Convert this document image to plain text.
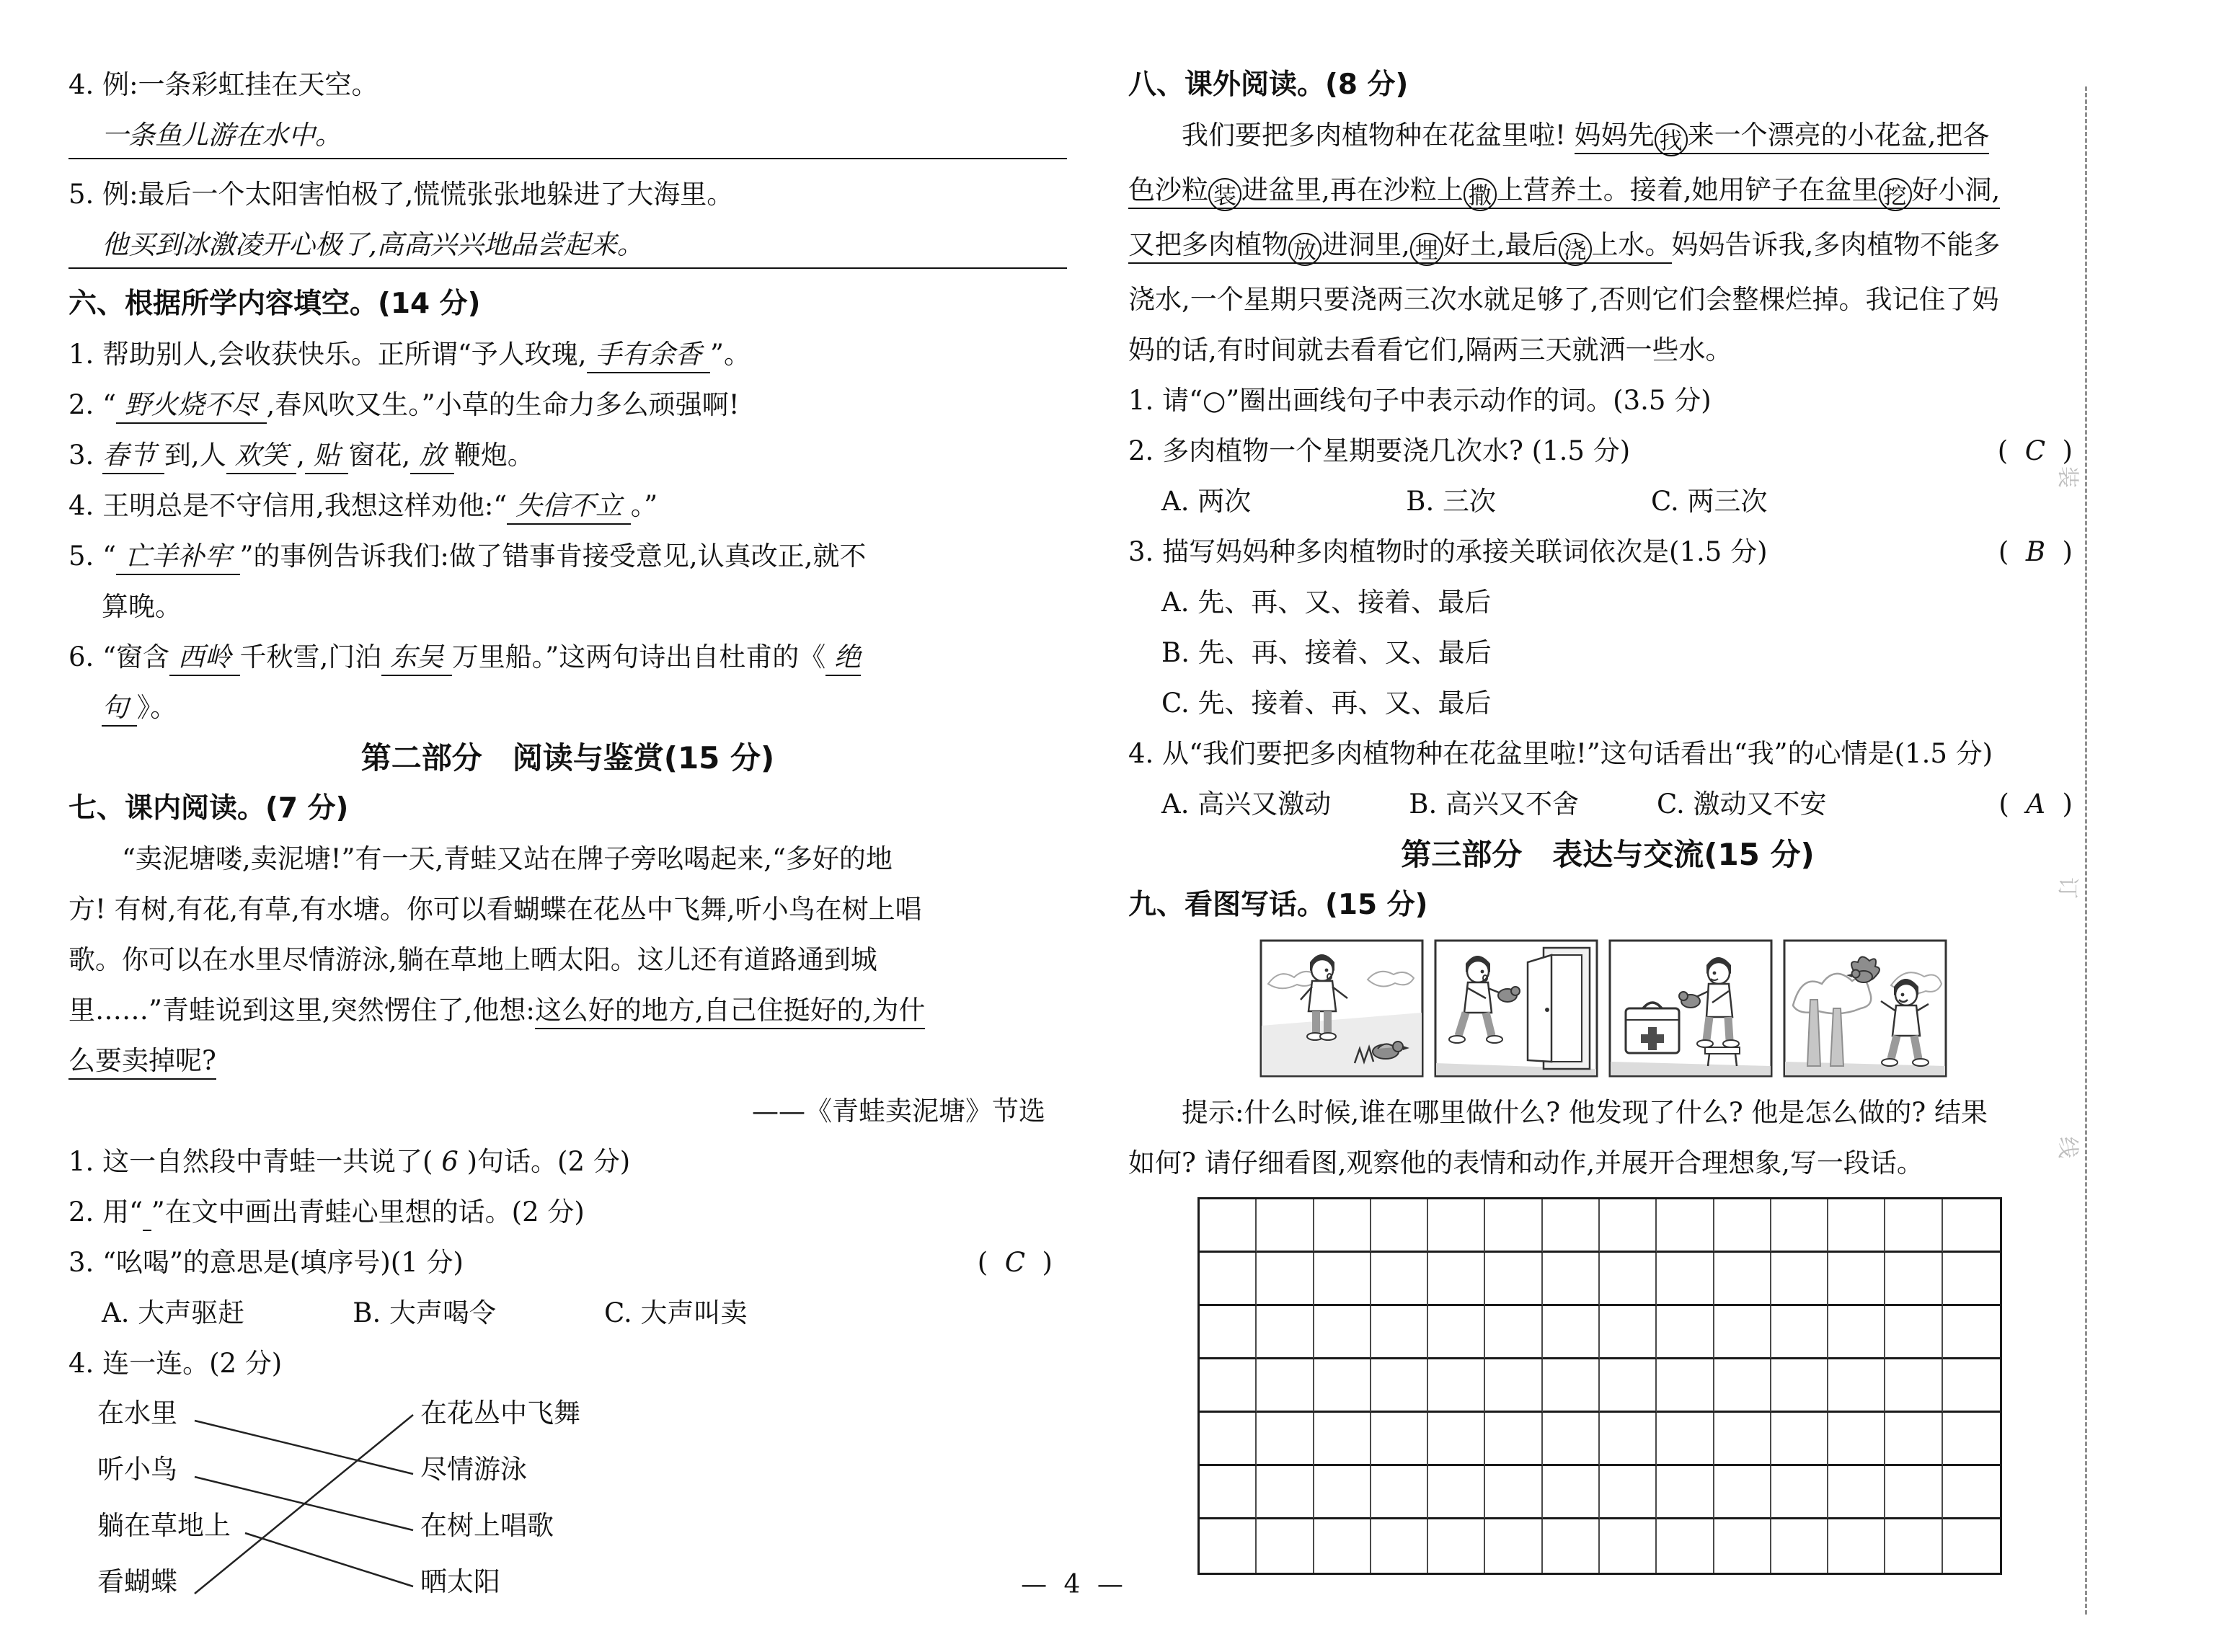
4. 例:一条彩虹挂在天空。
一条鱼儿游在水中。
5. 例:最后一个太阳害怕极了,慌慌张张地躲进了大海里。
他买到冰激凌开心极了,高高兴兴地品尝起来。
六、根据所学内容填空。(14 分)
1. 帮助别人,会收获快乐。正所谓“予人玫瑰, 手有余香 ”。
2. “ 野火烧不尽 ,春风吹又生。”小草的生命力多么顽强啊!
3. 春节 到,人 欢笑 , 贴 窗花, 放 鞭炮。
4. 王明总是不守信用,我想这样劝他:“ 失信不立 。”
5. “ 亡羊补牢 ”的事例告诉我们:做了错事肯接受意见,认真改正,就不
算晚。
6. “窗含 西岭 千秋雪,门泊 东吴 万里船。”这两句诗出自杜甫的《 绝
句 》。
第二部分　阅读与鉴赏(15 分)
七、课内阅读。(7 分)
　　“卖泥塘喽,卖泥塘!”有一天,青蛙又站在牌子旁吆喝起来,“多好的地
方! 有树,有花,有草,有水塘。你可以看蝴蝶在花丛中飞舞,听小鸟在树上唱
歌。你可以在水里尽情游泳,躺在草地上晒太阳。这儿还有道路通到城
里……”青蛙说到这里,突然愣住了,他想:这么好的地方,自己住挺好的,为什
么要卖掉呢?
——《青蛙卖泥塘》节选
1. 这一自然段中青蛙一共说了( 6 )句话。(2 分)
2. 用“ ”在文中画出青蛙心里想的话。(2 分)
3. “吆喝”的意思是(填序号)(1 分)	(  C  )
A. 大声驱赶	B. 大声喝令	C. 大声叫卖
4. 连一连。(2 分)
在水里
听小鸟
躺在草地上
看蝴蝶
在花丛中飞舞
尽情游泳
在树上唱歌
晒太阳
八、课外阅读。(8 分)
　　我们要把多肉植物种在花盆里啦! 妈妈先 找 来一个漂亮的小花盆,把各
色沙粒 装 进盆里,再在沙粒上 撒 上营养土。接着,她用铲子在盆里 挖 好小洞,
又把多肉植物 放 进洞里, 埋 好土,最后 浇 上水。妈妈告诉我,多肉植物不能多
浇水,一个星期只要浇两三次水就足够了,否则它们会整棵烂掉。我记住了妈
妈的话,有时间就去看看它们,隔两三天就洒一些水。
1. 请“○”圈出画线句子中表示动作的词。(3.5 分)
2. 多肉植物一个星期要浇几次水? (1.5 分)	(  C  )
A. 两次	B. 三次	C. 两三次
3. 描写妈妈种多肉植物时的承接关联词依次是(1.5 分)	(  B  )
A. 先、再、又、接着、最后
B. 先、再、接着、又、最后
C. 先、接着、再、又、最后
4. 从“我们要把多肉植物种在花盆里啦!”这句话看出“我”的心情是(1.5 分)
(  A  )
A. 高兴又激动	B. 高兴又不舍	C. 激动又不安
第三部分　表达与交流(15 分)
九、看图写话。(15 分)
　　提示:什么时候,谁在哪里做什么? 他发现了什么? 他是怎么做的? 结果
如何? 请仔细看图,观察他的表情和动作,并展开合理想象,写一段话。
装
订
线
— 4 —
